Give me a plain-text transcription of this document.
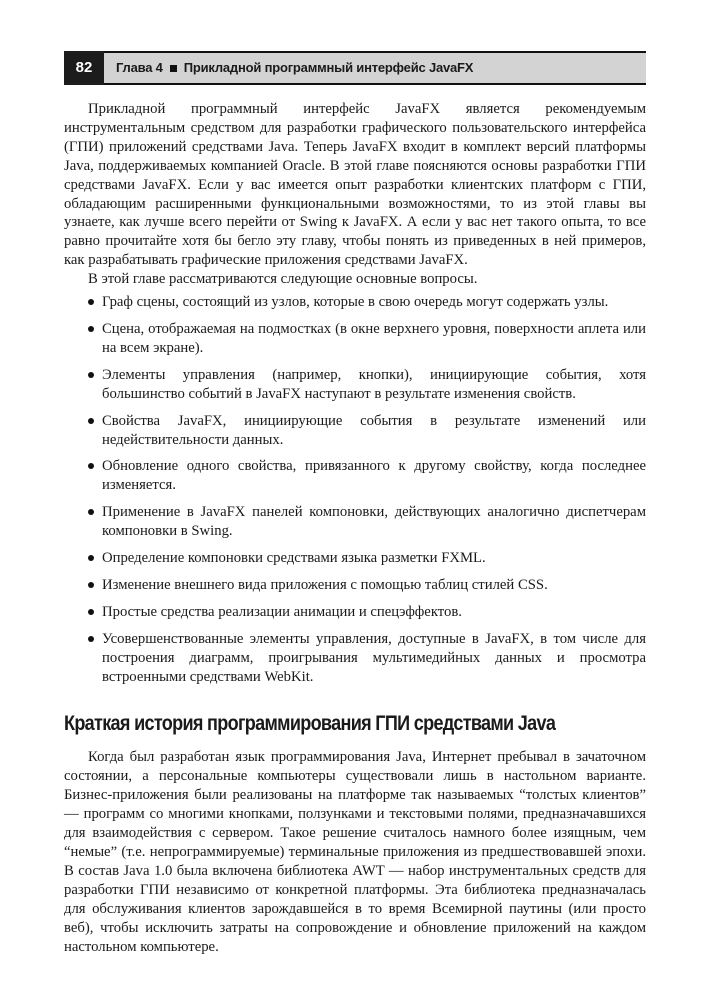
82	Глава 4 Прикладной программный интерфейс JavaFX

Прикладной программный интерфейс JavaFX является рекомендуемым инструментальным средством для разработки графического пользовательского интерфейса (ГПИ) приложений средствами Java. Теперь JavaFX входит в комплект версий платформы Java, поддерживаемых компанией Oracle. В этой главе поясняются основы разработки ГПИ средствами JavaFX. Если у вас имеется опыт разработки клиентских платформ с ГПИ, обладающим расширенными функциональными возможностями, то из этой главы вы узнаете, как лучше всего перейти от Swing к JavaFX. А если у вас нет такого опыта, то все равно прочитайте хотя бы бегло эту главу, чтобы понять из приведенных в ней примеров, как разрабатывать графические приложения средствами JavaFX.

В этой главе рассматриваются следующие основные вопросы.

Граф сцены, состоящий из узлов, которые в свою очередь могут содержать узлы.
Сцена, отображаемая на подмостках (в окне верхнего уровня, поверхности аплета или на всем экране).
Элементы управления (например, кнопки), инициирующие события, хотя большинство событий в JavaFX наступают в результате изменения свойств.
Свойства JavaFX, инициирующие события в результате изменений или недействительности данных.
Обновление одного свойства, привязанного к другому свойству, когда последнее изменяется.
Применение в JavaFX панелей компоновки, действующих аналогично диспетчерам компоновки в Swing.
Определение компоновки средствами языка разметки FXML.
Изменение внешнего вида приложения с помощью таблиц стилей CSS.
Простые средства реализации анимации и спецэффектов.
Усовершенствованные элементы управления, доступные в JavaFX, в том числе для построения диаграмм, проигрывания мультимедийных данных и просмотра встроенными средствами WebKit.
Краткая история программирования ГПИ средствами Java

Когда был разработан язык программирования Java, Интернет пребывал в зачаточном состоянии, а персональные компьютеры существовали лишь в настольном варианте. Бизнес-приложения были реализованы на платформе так называемых “толстых клиентов” — программ со многими кнопками, ползунками и текстовыми полями, предназначавшихся для взаимодействия с сервером. Такое решение считалось намного более изящным, чем “немые” (т.е. непрограммируемые) терминальные приложения из предшествовавшей эпохи. В состав Java 1.0 была включена библиотека AWT — набор инструментальных средств для разработки ГПИ независимо от конкретной платформы. Эта библиотека предназначалась для обслуживания клиентов зарождавшейся в то время Всемирной паутины (или просто веб), чтобы исключить затраты на сопровождение и обновление приложений на каждом настольном компьютере.
